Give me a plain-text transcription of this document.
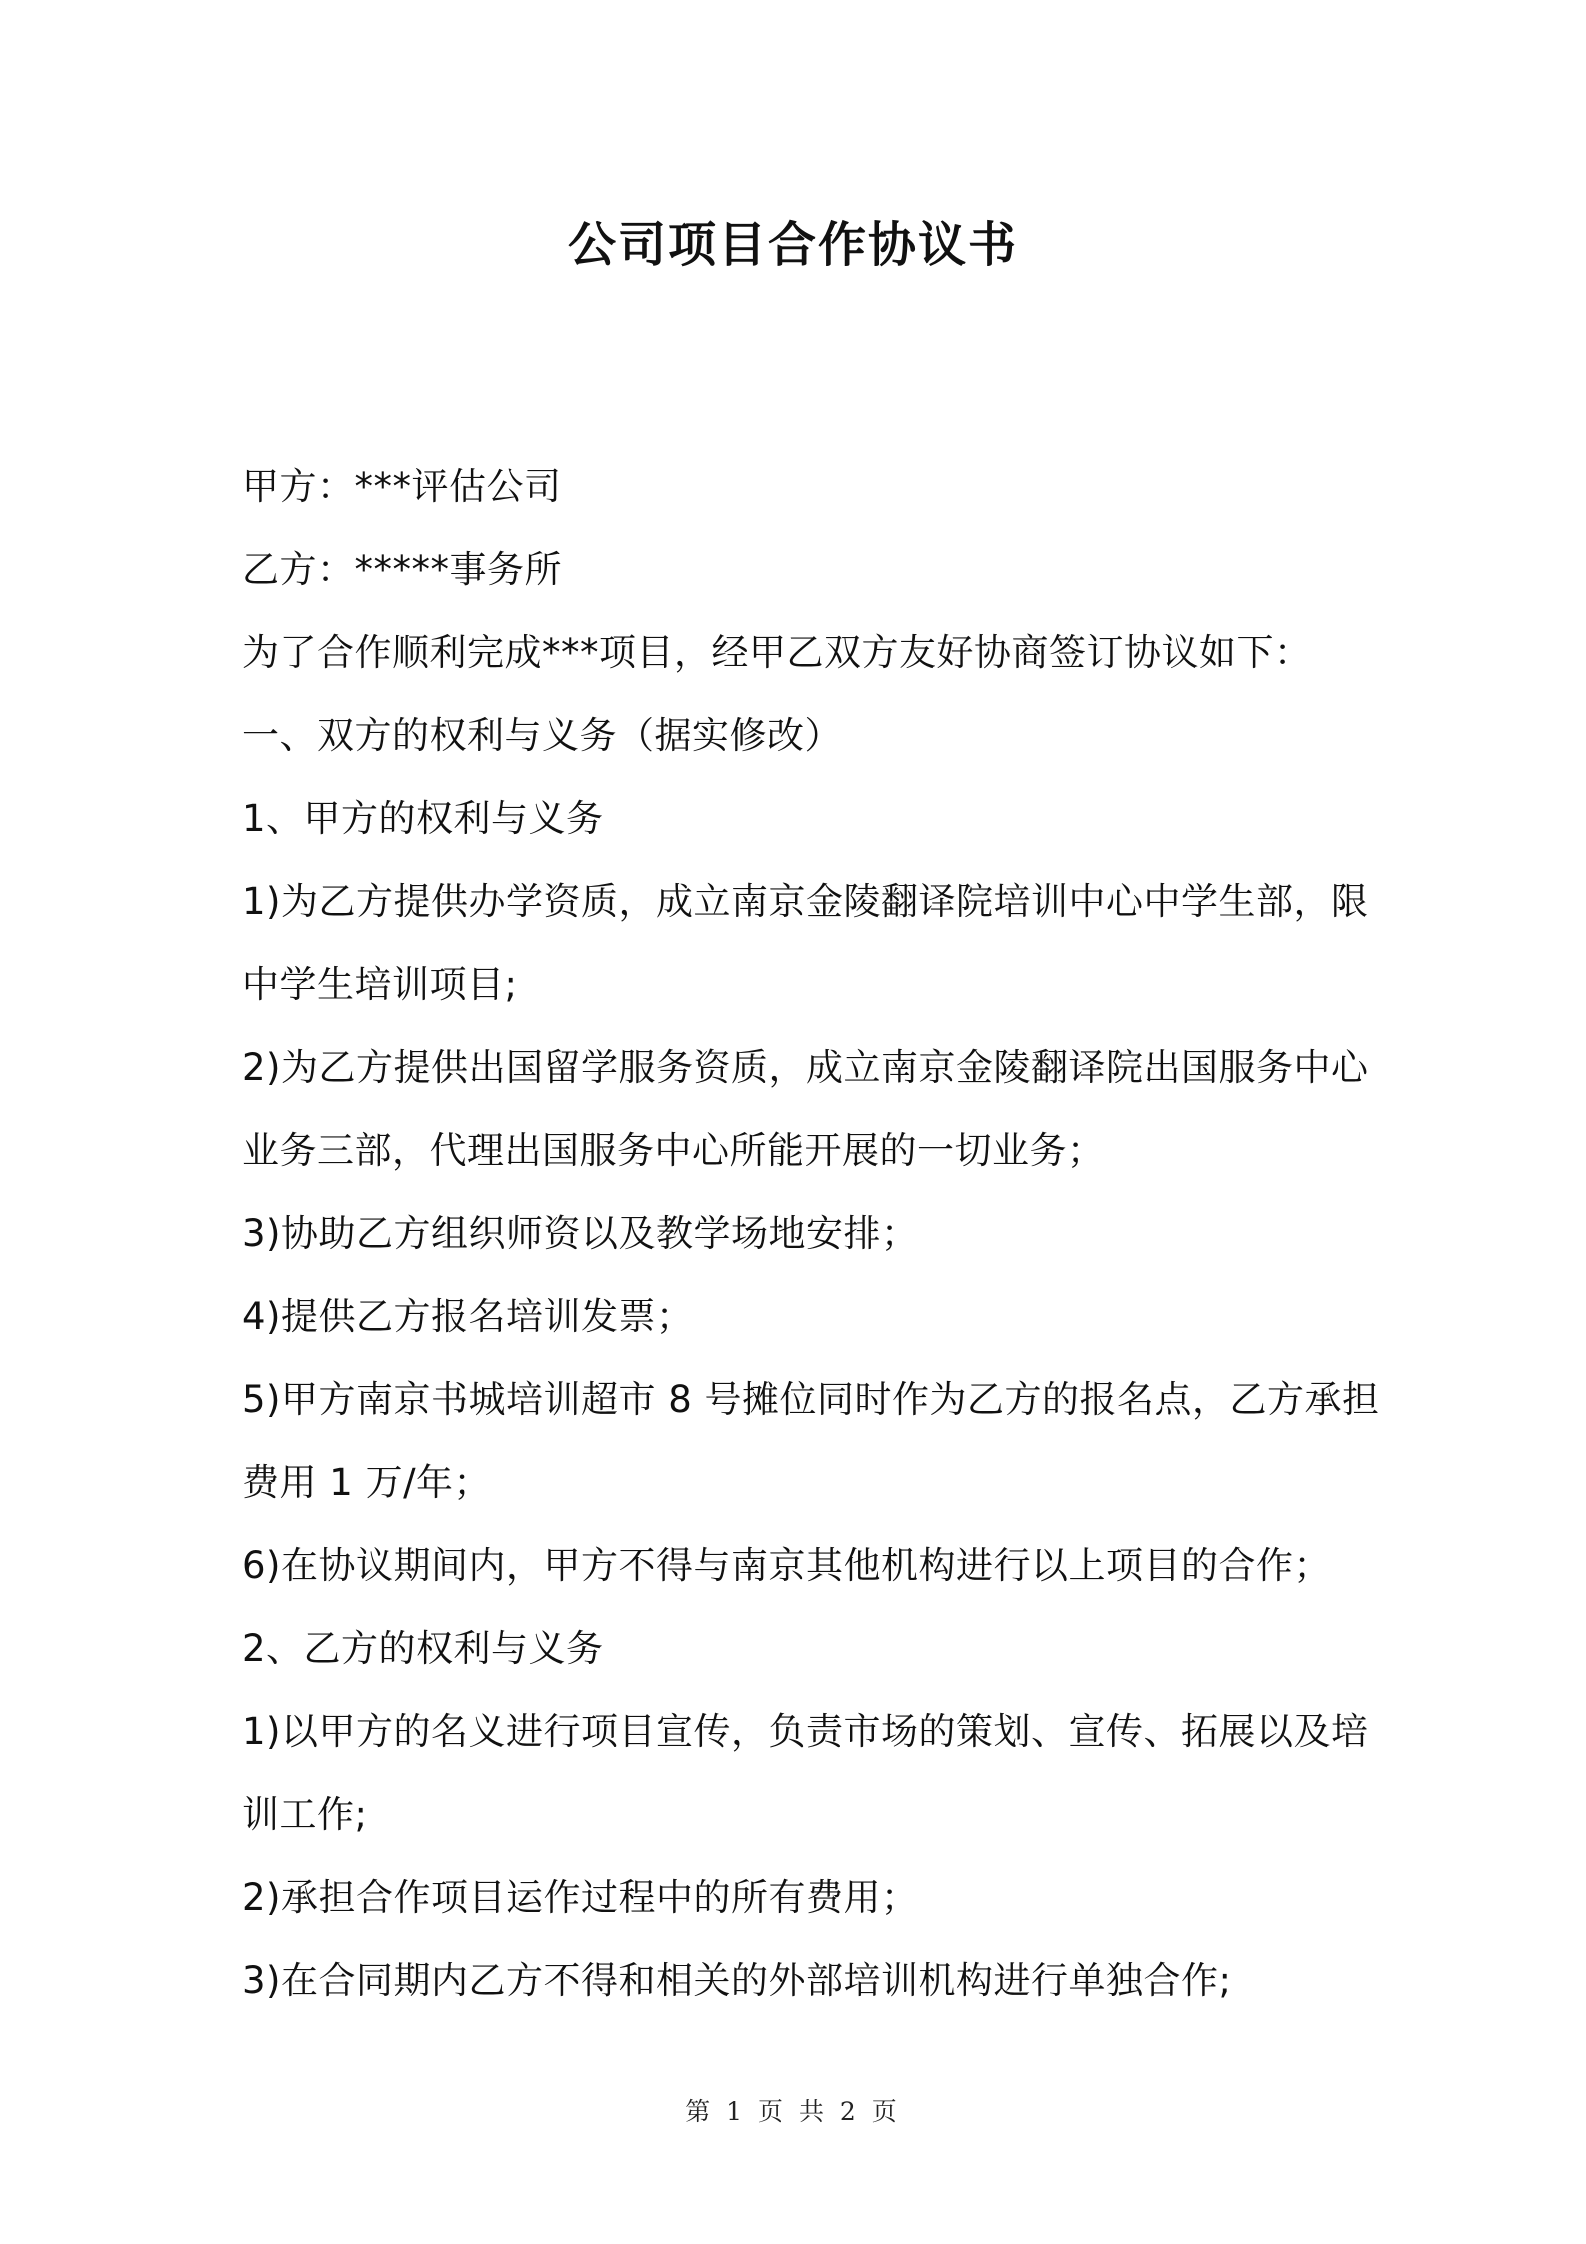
公司项目合作协议书

甲方：***评估公司

乙方：*****事务所

为了合作顺利完成***项目，经甲乙双方友好协商签订协议如下：

一、双方的权利与义务（据实修改）

1、甲方的权利与义务

1)为乙方提供办学资质，成立南京金陵翻译院培训中心中学生部，限

中学生培训项目;

2)为乙方提供出国留学服务资质，成立南京金陵翻译院出国服务中心

业务三部，代理出国服务中心所能开展的一切业务；

3)协助乙方组织师资以及教学场地安排；

4)提供乙方报名培训发票；

5)甲方南京书城培训超市 8 号摊位同时作为乙方的报名点，乙方承担

费用 1 万/年；

6)在协议期间内，甲方不得与南京其他机构进行以上项目的合作；

2、乙方的权利与义务

1)以甲方的名义进行项目宣传，负责市场的策划、宣传、拓展以及培

训工作;

2)承担合作项目运作过程中的所有费用；

3)在合同期内乙方不得和相关的外部培训机构进行单独合作;

第 1 页 共 2 页
